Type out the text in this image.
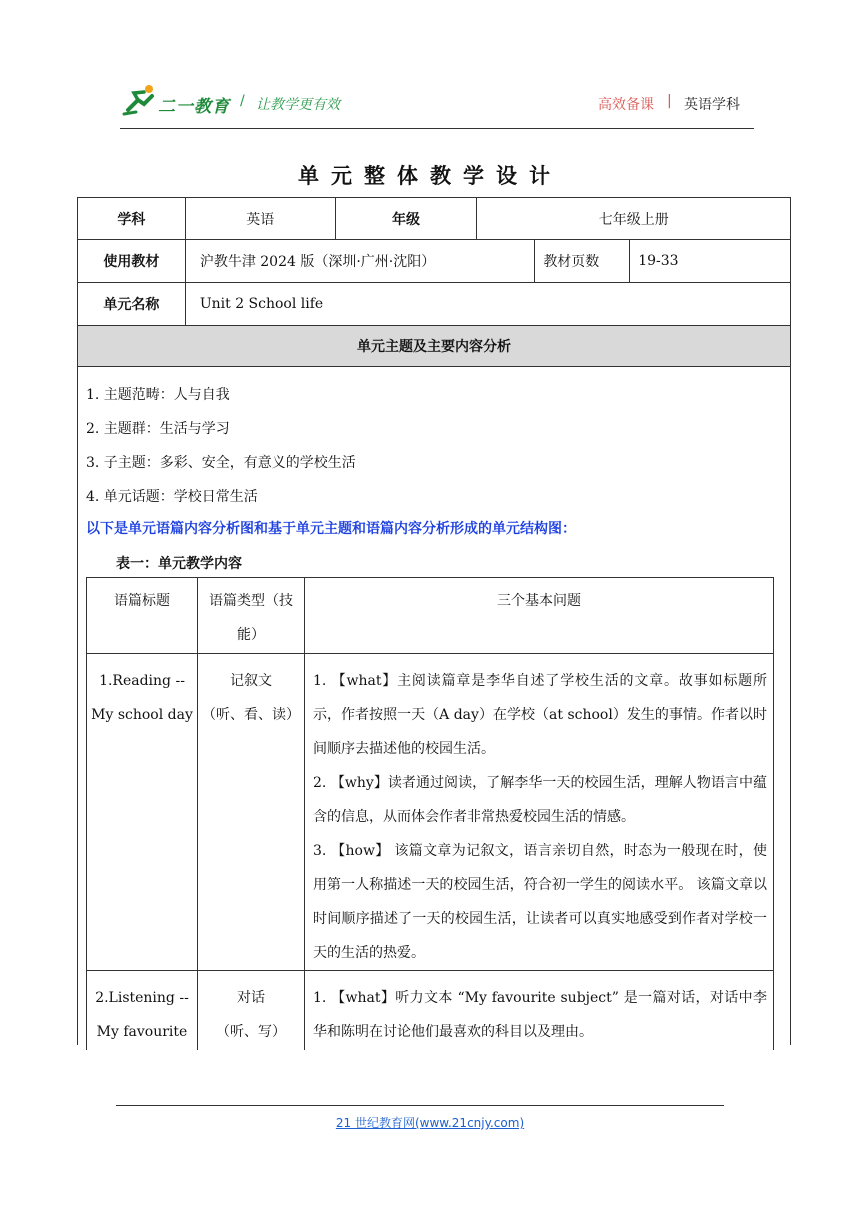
二一教育 / 让教学更有效	高效备课 | 英语学科
单元整体教学设计
学科	英语	年级	七年级上册		
使用教材	沪教牛津 2024 版（深圳·广州·沈阳）			教材页数	19-33
单元名称	Unit 2 School life				
单元主题及主要内容分析					

1. 主题范畴：人与自我
2. 主题群：生活与学习
3. 子主题：多彩、安全，有意义的学校生活
4. 单元话题：学校日常生活
以下是单元语篇内容分析图和基于单元主题和语篇内容分析形成的单元结构图：
表一：单元教学内容
语篇标题	语篇类型（技能）	三个基本问题

1.Reading --
My school day	记叙文
（听、看、读）	1. 【what】主阅读篇章是李华自述了学校生活的文章。故事如标题所示，作者按照一天（A day）在学校（at school）发生的事情。作者以时间顺序去描述他的校园生活。
2. 【why】读者通过阅读，了解李华一天的校园生活，理解人物语言中蕴含的信息，从而体会作者非常热爱校园生活的情感。
3. 【how】 该篇文章为记叙文，语言亲切自然，时态为一般现在时，使用第一人称描述一天的校园生活，符合初一学生的阅读水平。 该篇文章以时间顺序描述了一天的校园生活，让读者可以真实地感受到作者对学校一天的生活的热爱。

2.Listening --
My favourite	对话
（听、写）	1. 【what】听力文本 “My favourite subject” 是一篇对话，对话中李华和陈明在讨论他们最喜欢的科目以及理由。
21 世纪教育网(www.21cnjy.com)
